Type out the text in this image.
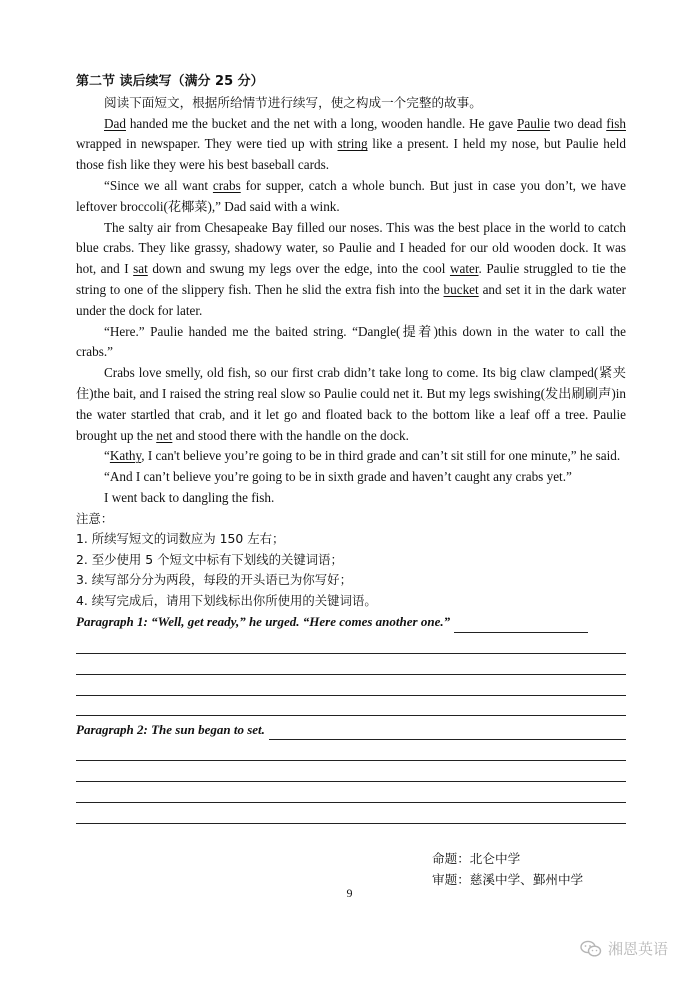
第二节 读后续写（满分 25 分）
阅读下面短文，根据所给情节进行续写，使之构成一个完整的故事。

Dad handed me the bucket and the net with a long, wooden handle. He gave Paulie two dead fish wrapped in newspaper. They were tied up with string like a present. I held my nose, but Paulie held those fish like they were his best baseball cards.

“Since we all want crabs for supper, catch a whole bunch. But just in case you don’t, we have leftover broccoli(花椰菜),” Dad said with a wink.

The salty air from Chesapeake Bay filled our noses. This was the best place in the world to catch blue crabs. They like grassy, shadowy water, so Paulie and I headed for our old wooden dock. It was hot, and I sat down and swung my legs over the edge, into the cool water. Paulie struggled to tie the string to one of the slippery fish. Then he slid the extra fish into the bucket and set it in the dark water under the dock for later.

“Here.” Paulie handed me the baited string. “Dangle(提着)this down in the water to call the crabs.”

Crabs love smelly, old fish, so our first crab didn’t take long to come. Its big claw clamped(紧夹住)the bait, and I raised the string real slow so Paulie could net it. But my legs swishing(发出刷刷声)in the water startled that crab, and it let go and floated back to the bottom like a leaf off a tree. Paulie brought up the net and stood there with the handle on the dock.

“Kathy, I can't believe you’re going to be in third grade and can’t sit still for one minute,” he said.

“And I can’t believe you’re going to be in sixth grade and haven’t caught any crabs yet.”

I went back to dangling the fish.

注意：
1. 所续写短文的词数应为 150 左右；
2. 至少使用 5 个短文中标有下划线的关键词语；
3. 续写部分分为两段，每段的开头语已为你写好；
4. 续写完成后，请用下划线标出你所使用的关键词语。
Paragraph 1: “Well, get ready,” he urged. “Here comes another one.”
Paragraph 2: The sun began to set.
命题：北仑中学
审题：慈溪中学、鄞州中学
9
湘恩英语
